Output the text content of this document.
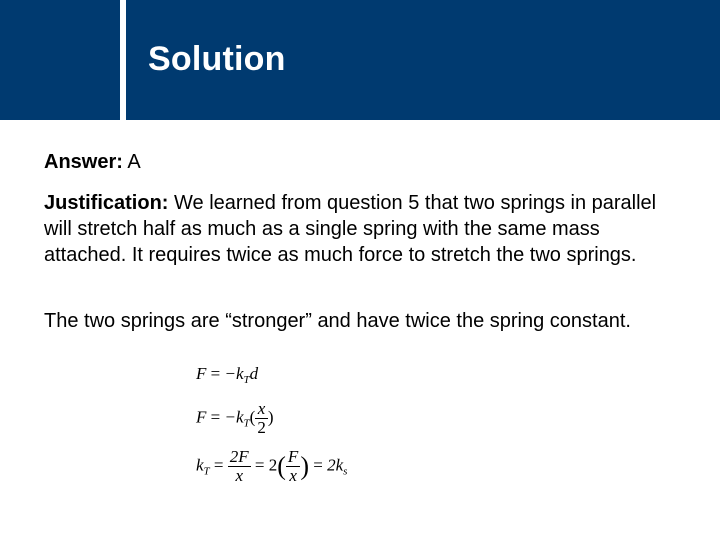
Solution
Answer: A
Justification: We learned from question 5 that two springs in parallel will stretch half as much as a single spring with the same mass attached. It requires twice as much force to stretch the two springs.
The two springs are “stronger” and have twice the spring constant.
$F = -k_Td$
$F = -k_T( \frac{x}{2}$ )
$k_T = \frac{2F}{x} = 2( \frac{F}{x}$ ) = $2k_s$
